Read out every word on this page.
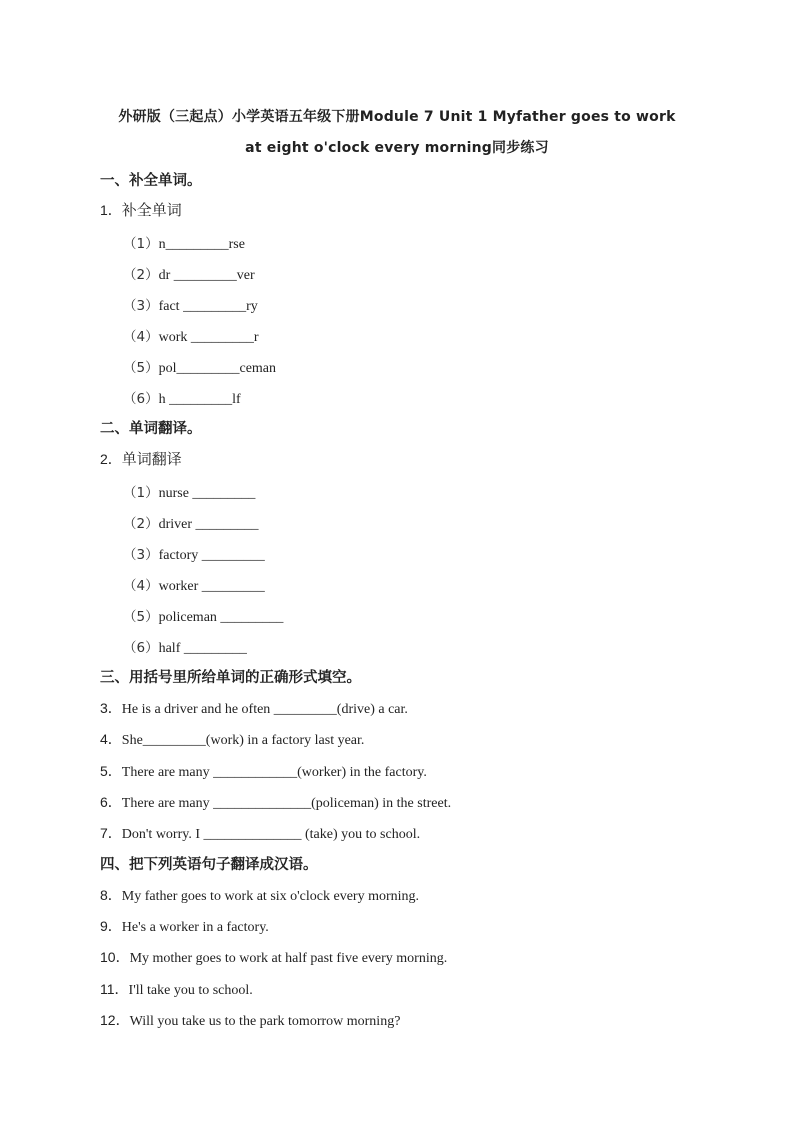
外研版（三起点）小学英语五年级下册Module 7 Unit 1 Myfather goes to work
at eight o'clock every morning同步练习
一、补全单词。
1．补全单词
（1）n_________rse
（2）dr _________ver
（3）fact _________ry
（4）work _________r
（5）pol_________ceman
（6）h _________lf
二、单词翻译。
2．单词翻译
（1）nurse _________
（2）driver _________
（3）factory _________
（4）worker _________
（5）policeman _________
（6）half _________
三、用括号里所给单词的正确形式填空。
3．He is a driver and he often _________(drive) a car.
4．She_________(work) in a factory last year.
5．There are many ____________(worker) in the factory.
6．There are many ______________(policeman) in the street.
7．Don't worry. I ______________ (take) you to school.
四、把下列英语句子翻译成汉语。
8．My father goes to work at six o'clock every morning.
9．He's a worker in a factory.
10．My mother goes to work at half past five every morning.
11．I'll take you to school.
12．Will you take us to the park tomorrow morning?
